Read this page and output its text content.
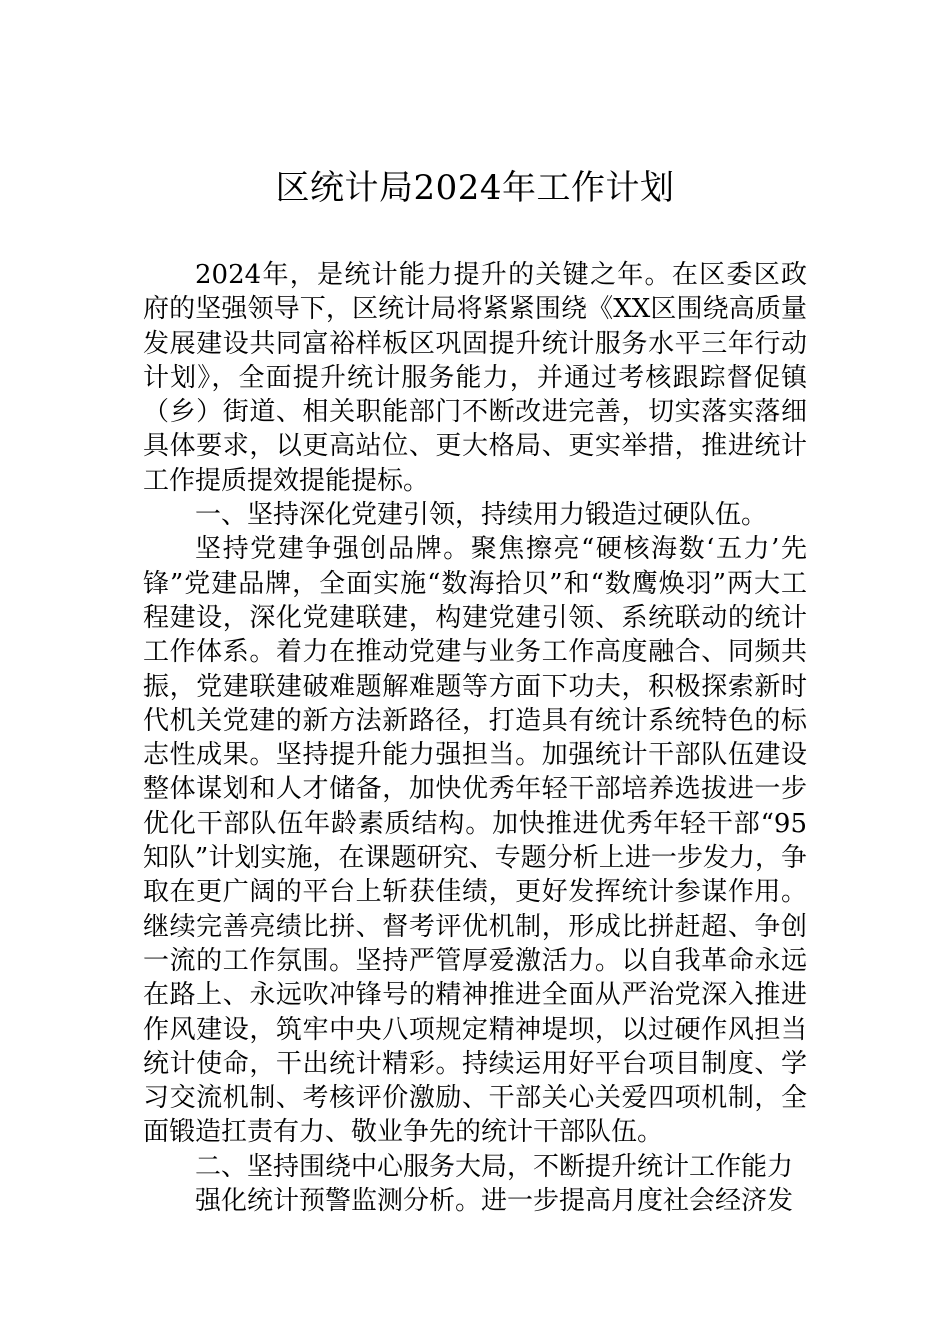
区统计局2024年工作计划

2024年，是统计能力提升的关键之年。在区委区政府的坚强领导下，区统计局将紧紧围绕《XX区围绕高质量发展建设共同富裕样板区巩固提升统计服务水平三年行动计划》，全面提升统计服务能力，并通过考核跟踪督促镇（乡）街道、相关职能部门不断改进完善，切实落实落细具体要求，以更高站位、更大格局、更实举措，推进统计工作提质提效提能提标。

一、坚持深化党建引领，持续用力锻造过硬队伍。

坚持党建争强创品牌。聚焦擦亮“硬核海数‘五力’先锋”党建品牌，全面实施“数海拾贝”和“数鹰焕羽”两大工程建设，深化党建联建，构建党建引领、系统联动的统计工作体系。着力在推动党建与业务工作高度融合、同频共振，党建联建破难题解难题等方面下功夫，积极探索新时代机关党建的新方法新路径，打造具有统计系统特色的标志性成果。坚持提升能力强担当。加强统计干部队伍建设整体谋划和人才储备，加快优秀年轻干部培养选拔进一步优化干部队伍年龄素质结构。加快推进优秀年轻干部“95知队”计划实施，在课题研究、专题分析上进一步发力，争取在更广阔的平台上斩获佳绩，更好发挥统计参谋作用。继续完善亮绩比拼、督考评优机制，形成比拼赶超、争创一流的工作氛围。坚持严管厚爱激活力。以自我革命永远在路上、永远吹冲锋号的精神推进全面从严治党深入推进作风建设，筑牢中央八项规定精神堤坝，以过硬作风担当统计使命，干出统计精彩。持续运用好平台项目制度、学习交流机制、考核评价激励、干部关心关爱四项机制，全面锻造扛责有力、敬业争先的统计干部队伍。

二、坚持围绕中心服务大局，不断提升统计工作能力

强化统计预警监测分析。进一步提高月度社会经济发
